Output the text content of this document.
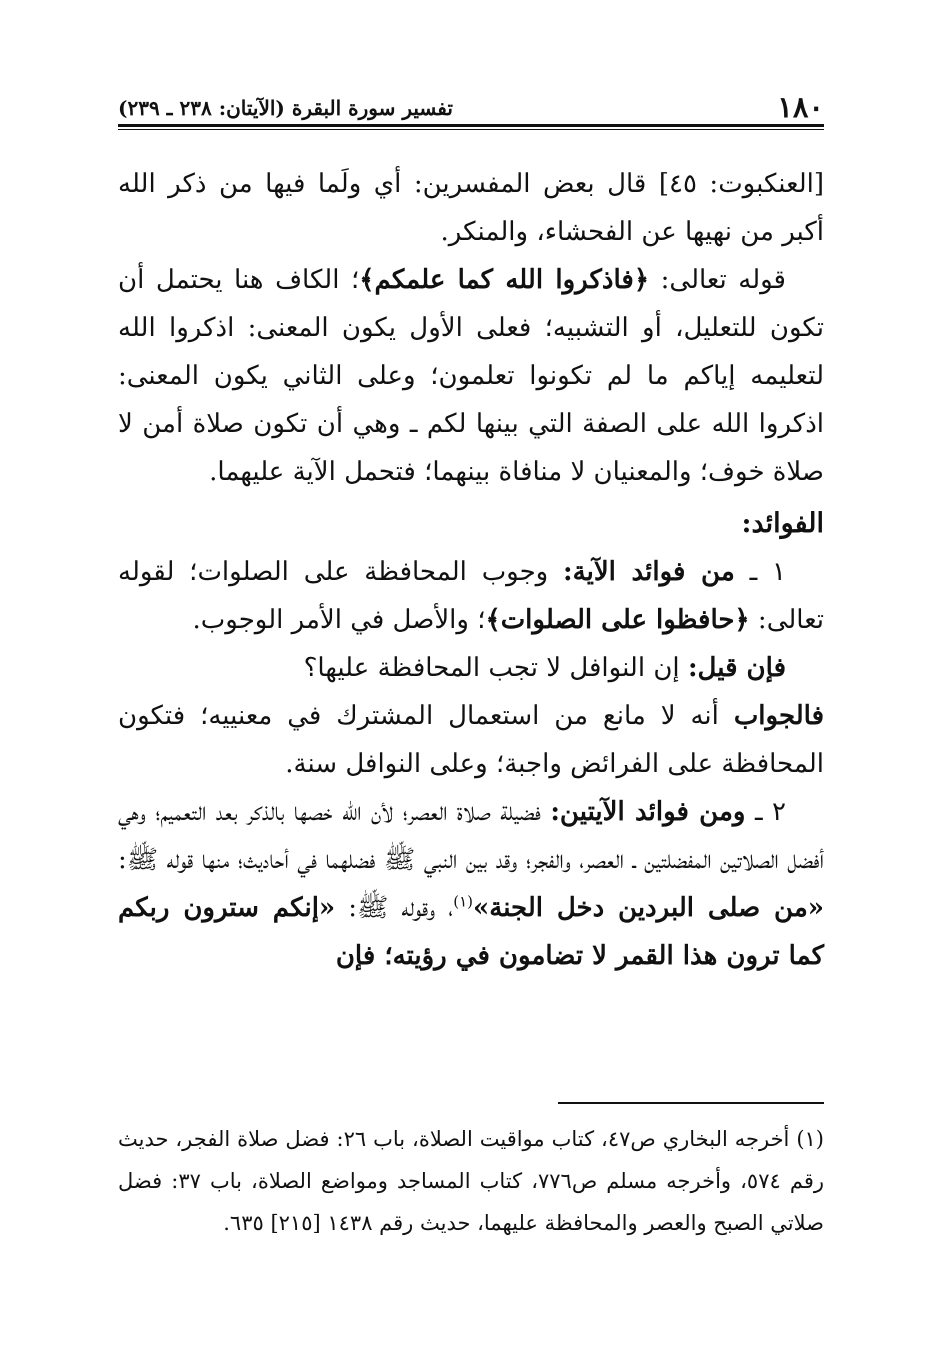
١٨٠
تفسير سورة البقرة (الآيتان: ٢٣٨ ـ ٢٣٩)

[العنكبوت: ٤٥] قال بعض المفسرين: أي ولَما فيها من ذكر الله أكبر من نهيها عن الفحشاء، والمنكر.

قوله تعالى: ﴿فاذكروا الله كما علمكم﴾؛ الكاف هنا يحتمل أن تكون للتعليل، أو التشبيه؛ فعلى الأول يكون المعنى: اذكروا الله لتعليمه إياكم ما لم تكونوا تعلمون؛ وعلى الثاني يكون المعنى: اذكروا الله على الصفة التي بينها لكم ـ وهي أن تكون صلاة أمن لا صلاة خوف؛ والمعنيان لا منافاة بينهما؛ فتحمل الآية عليهما.

الفوائد:

١ ـ من فوائد الآية: وجوب المحافظة على الصلوات؛ لقوله تعالى: ﴿حافظوا على الصلوات﴾؛ والأصل في الأمر الوجوب.

فإن قيل: إن النوافل لا تجب المحافظة عليها؟

فالجواب أنه لا مانع من استعمال المشترك في معنييه؛ فتكون المحافظة على الفرائض واجبة؛ وعلى النوافل سنة.

٢ ـ ومن فوائد الآيتين: فضيلة صلاة العصر؛ لأن الله خصها بالذكر بعد التعميم؛ وهي أفضل الصلاتين المفضلتين ـ العصر، والفجر؛ وقد بين النبي ﷺ فضلهما في أحاديث؛ منها قوله ﷺ: «من صلى البردين دخل الجنة»$^{(١)}$، وقوله ﷺ: «إنكم سترون ربكم كما ترون هذا القمر لا تضامون في رؤيته؛ فإن

(١) أخرجه البخاري ص٤٧، كتاب مواقيت الصلاة، باب ٢٦: فضل صلاة الفجر، حديث رقم ٥٧٤، وأخرجه مسلم ص٧٧٦، كتاب المساجد ومواضع الصلاة، باب ٣٧: فضل صلاتي الصبح والعصر والمحافظة عليهما، حديث رقم ١٤٣٨ [٢١٥] ٦٣٥.
